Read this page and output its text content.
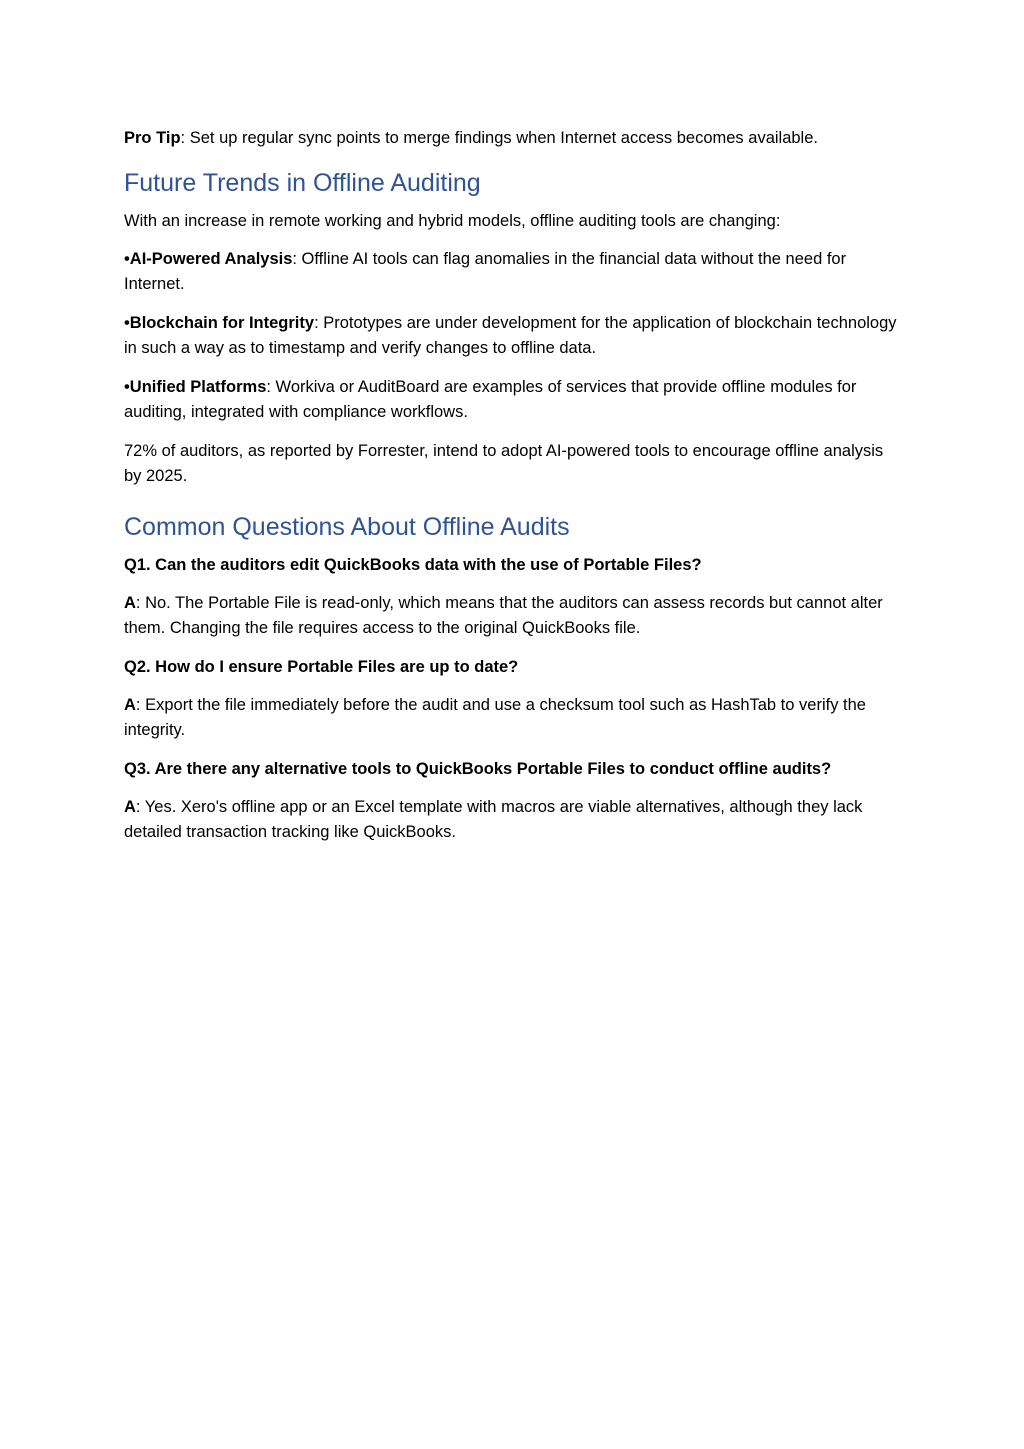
Pro Tip: Set up regular sync points to merge findings when Internet access becomes available.

Future Trends in Offline Auditing

With an increase in remote working and hybrid models, offline auditing tools are changing:

•AI-Powered Analysis: Offline AI tools can flag anomalies in the financial data without the need for Internet.

•Blockchain for Integrity: Prototypes are under development for the application of blockchain technology in such a way as to timestamp and verify changes to offline data.

•Unified Platforms: Workiva or AuditBoard are examples of services that provide offline modules for auditing, integrated with compliance workflows.

72% of auditors, as reported by Forrester, intend to adopt AI-powered tools to encourage offline analysis by 2025.

Common Questions About Offline Audits

Q1. Can the auditors edit QuickBooks data with the use of Portable Files?

A: No. The Portable File is read-only, which means that the auditors can assess records but cannot alter them. Changing the file requires access to the original QuickBooks file.

Q2. How do I ensure Portable Files are up to date?

A: Export the file immediately before the audit and use a checksum tool such as HashTab to verify the integrity.

Q3. Are there any alternative tools to QuickBooks Portable Files to conduct offline audits?

A: Yes. Xero's offline app or an Excel template with macros are viable alternatives, although they lack detailed transaction tracking like QuickBooks.
